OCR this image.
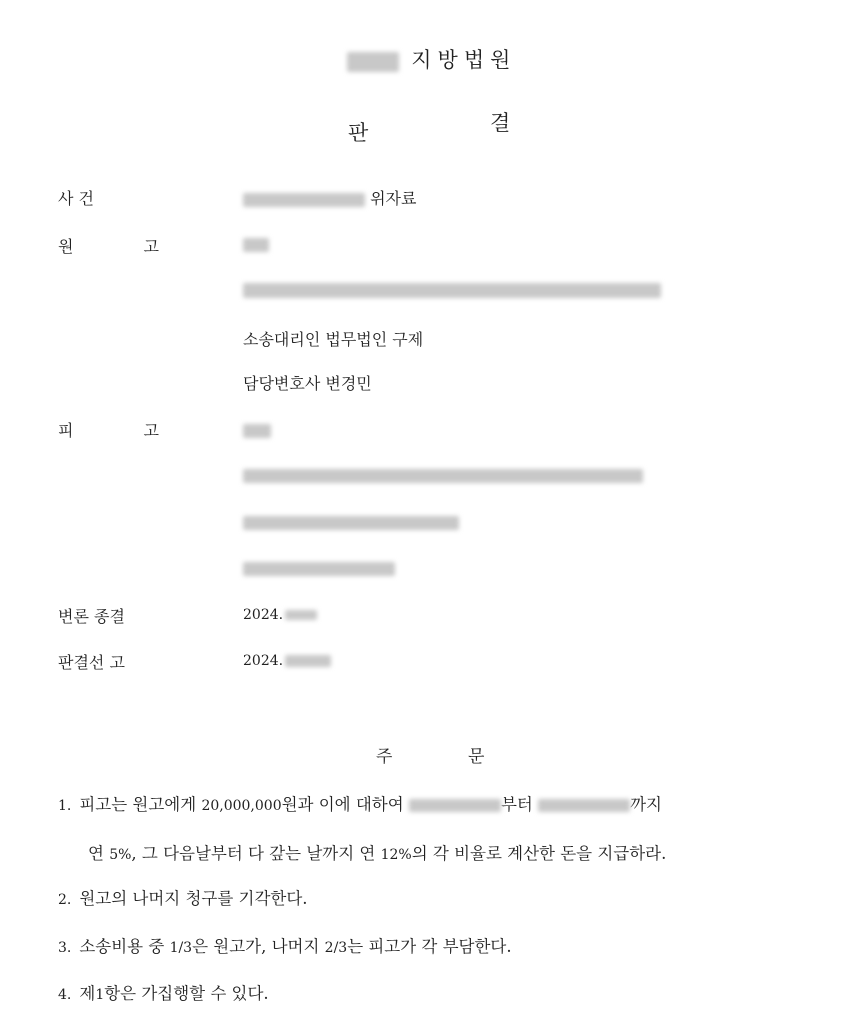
지방법원
판	결
사 건	위자료
원	고
소송대리인 법무법인 구제
담당변호사 변경민
피	고
변론 종결	2024.
판결선 고	2024.
주	문
1. 피고는 원고에게 20,000,000원과 이에 대하여	부터	까지
연 5%, 그 다음날부터 다 갚는 날까지 연 12%의 각 비율로 계산한 돈을 지급하라.
2. 원고의 나머지 청구를 기각한다.
3. 소송비용 중 1/3은 원고가, 나머지 2/3는 피고가 각 부담한다.
4. 제1항은 가집행할 수 있다.
